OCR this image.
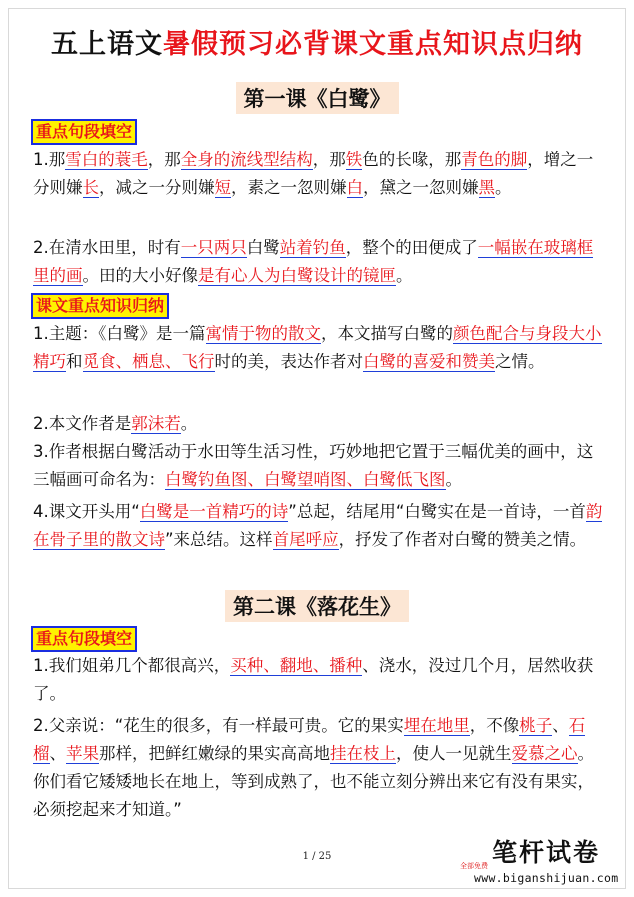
五上语文暑假预习必背课文重点知识点归纳
第一课《白鹭》
重点句段填空
1.那雪白的蓑毛，那全身的流线型结构，那铁色的长喙，那青色的脚，增之一分则嫌长，减之一分则嫌短，素之一忽则嫌白，黛之一忽则嫌黑。
2.在清水田里，时有一只两只白鹭站着钓鱼，整个的田便成了一幅嵌在玻璃框里的画。田的大小好像是有心人为白鹭设计的镜匣。
课文重点知识归纳
1.主题：《白鹭》是一篇寓情于物的散文，本文描写白鹭的颜色配合与身段大小精巧和觅食、栖息、飞行时的美，表达作者对白鹭的喜爱和赞美之情。
2.本文作者是郭沫若。
3.作者根据白鹭活动于水田等生活习性，巧妙地把它置于三幅优美的画中，这三幅画可命名为：白鹭钓鱼图、白鹭望哨图、白鹭低飞图。
4.课文开头用“白鹭是一首精巧的诗”总起，结尾用“白鹭实在是一首诗，一首韵在骨子里的散文诗”来总结。这样首尾呼应，抒发了作者对白鹭的赞美之情。
第二课《落花生》
重点句段填空
1.我们姐弟几个都很高兴，买种、翻地、播种、浇水，没过几个月，居然收获了。
2.父亲说：“花生的很多，有一样最可贵。它的果实埋在地里，不像桃子、石榴、苹果那样，把鲜红嫩绿的果实高高地挂在枝上，使人一见就生爱慕之心。你们看它矮矮地长在地上，等到成熟了，也不能立刻分辨出来它有没有果实，必须挖起来才知道。”
1 / 25	笔杆试卷
全部免费
www.biganshijuan.com
